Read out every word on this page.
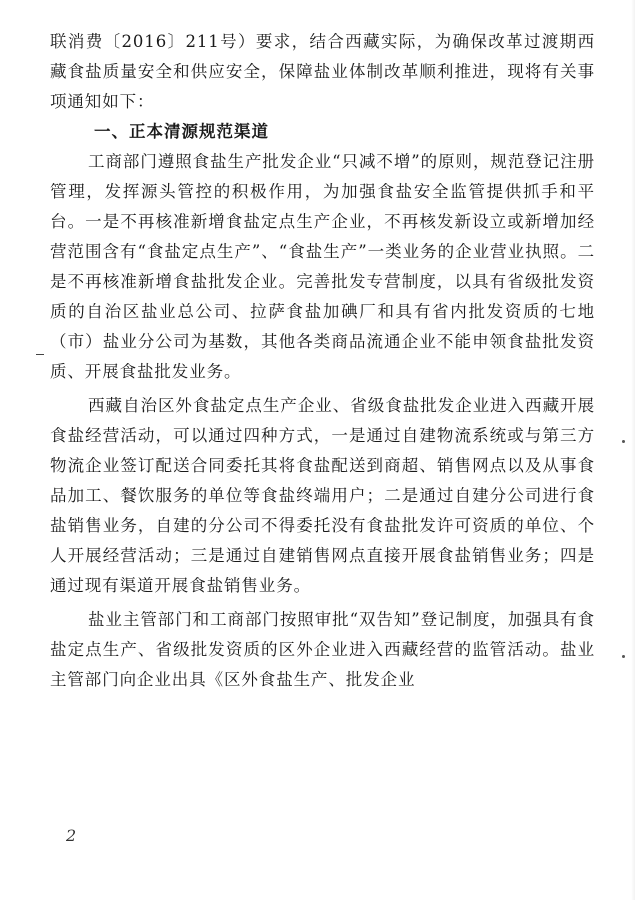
联消费〔2016〕211号）要求，结合西藏实际，为确保改革过渡期西藏食盐质量安全和供应安全，保障盐业体制改革顺利推进，现将有关事项通知如下：

一、正本清源规范渠道

工商部门遵照食盐生产批发企业“只减不增”的原则，规范登记注册管理，发挥源头管控的积极作用，为加强食盐安全监管提供抓手和平台。一是不再核准新增食盐定点生产企业，不再核发新设立或新增加经营范围含有“食盐定点生产”、“食盐生产”一类业务的企业营业执照。二是不再核准新增食盐批发企业。完善批发专营制度，以具有省级批发资质的自治区盐业总公司、拉萨食盐加碘厂和具有省内批发资质的七地（市）盐业分公司为基数，其他各类商品流通企业不能申领食盐批发资质、开展食盐批发业务。

西藏自治区外食盐定点生产企业、省级食盐批发企业进入西藏开展食盐经营活动，可以通过四种方式，一是通过自建物流系统或与第三方物流企业签订配送合同委托其将食盐配送到商超、销售网点以及从事食品加工、餐饮服务的单位等食盐终端用户；二是通过自建分公司进行食盐销售业务，自建的分公司不得委托没有食盐批发许可资质的单位、个人开展经营活动；三是通过自建销售网点直接开展食盐销售业务；四是通过现有渠道开展食盐销售业务。

盐业主管部门和工商部门按照审批“双告知”登记制度，加强具有食盐定点生产、省级批发资质的区外企业进入西藏经营的监管活动。盐业主管部门向企业出具《区外食盐生产、批发企业

2
